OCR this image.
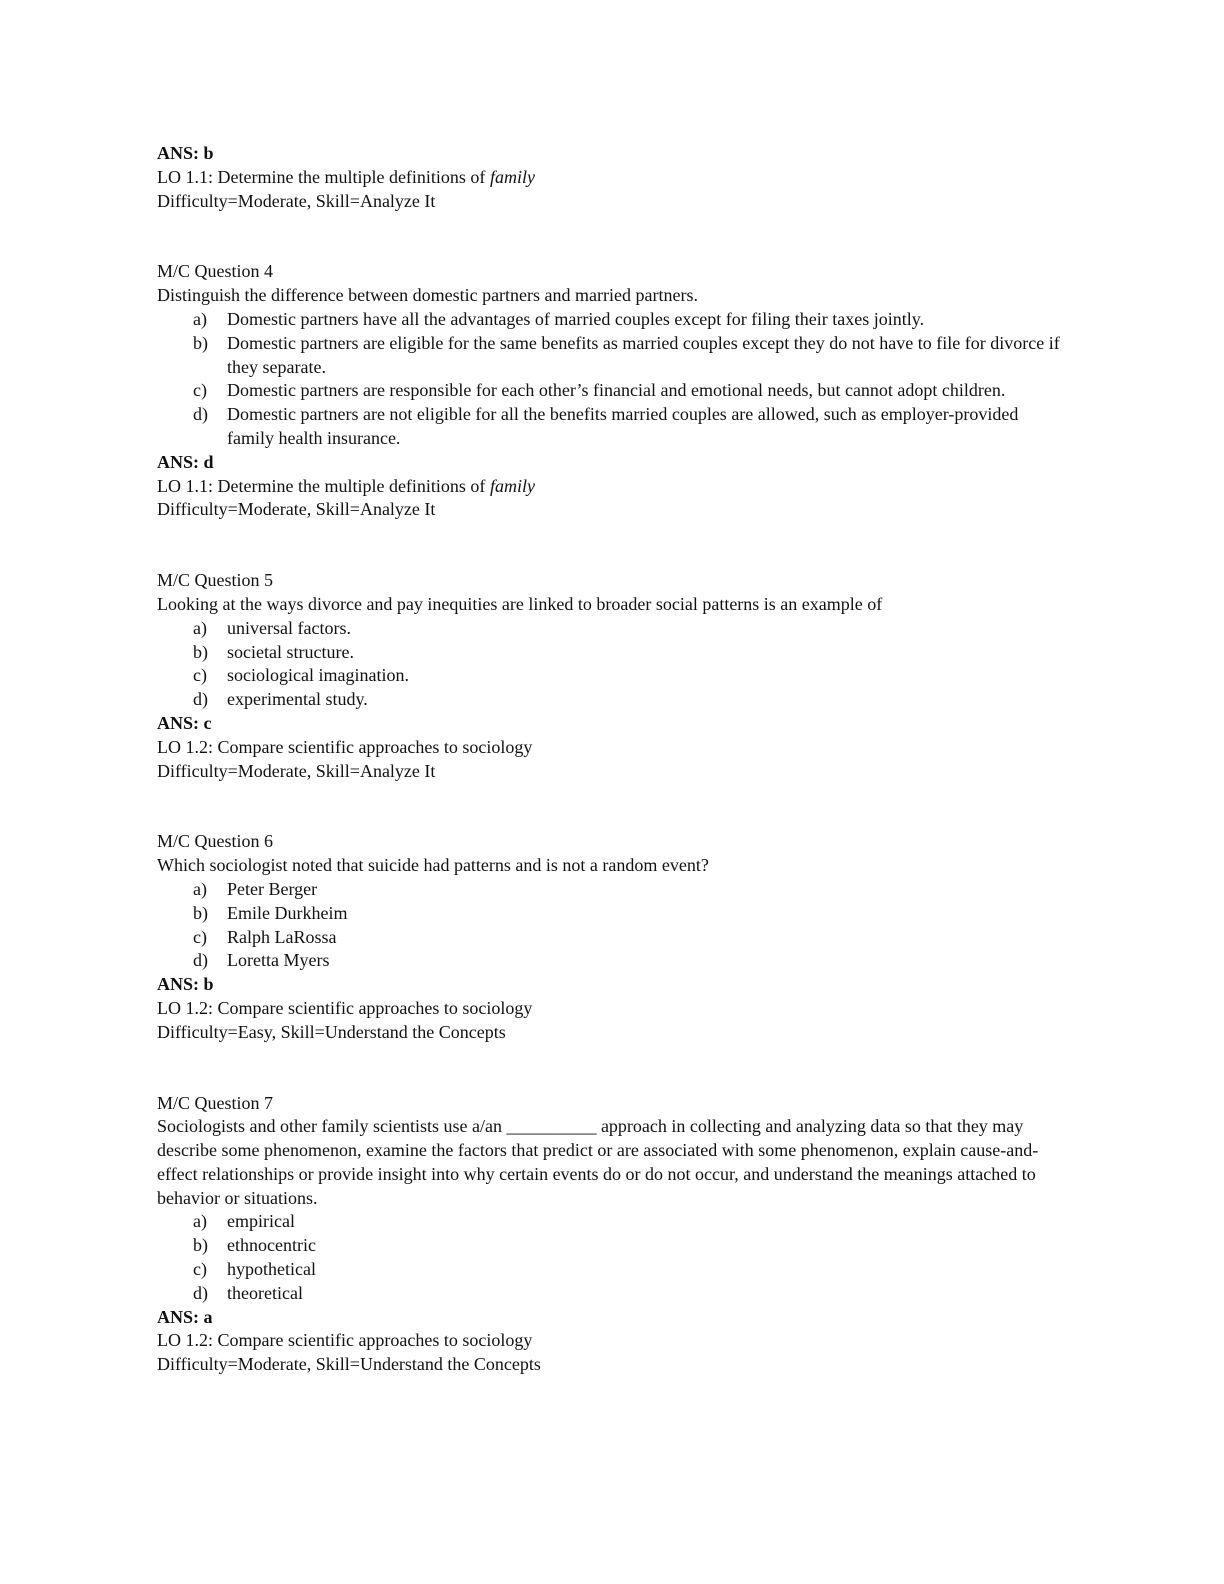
ANS: b
LO 1.1: Determine the multiple definitions of family
Difficulty=Moderate, Skill=Analyze It
M/C Question 4
Distinguish the difference between domestic partners and married partners.
a) Domestic partners have all the advantages of married couples except for filing their taxes jointly.
b) Domestic partners are eligible for the same benefits as married couples except they do not have to file for divorce if they separate.
c) Domestic partners are responsible for each other’s financial and emotional needs, but cannot adopt children.
d) Domestic partners are not eligible for all the benefits married couples are allowed, such as employer-provided family health insurance.
ANS: d
LO 1.1: Determine the multiple definitions of family
Difficulty=Moderate, Skill=Analyze It
M/C Question 5
Looking at the ways divorce and pay inequities are linked to broader social patterns is an example of
a) universal factors.
b) societal structure.
c) sociological imagination.
d) experimental study.
ANS: c
LO 1.2: Compare scientific approaches to sociology
Difficulty=Moderate, Skill=Analyze It
M/C Question 6
Which sociologist noted that suicide had patterns and is not a random event?
a) Peter Berger
b) Emile Durkheim
c) Ralph LaRossa
d) Loretta Myers
ANS: b
LO 1.2: Compare scientific approaches to sociology
Difficulty=Easy, Skill=Understand the Concepts
M/C Question 7
Sociologists and other family scientists use a/an __________ approach in collecting and analyzing data so that they may describe some phenomenon, examine the factors that predict or are associated with some phenomenon, explain cause-and-effect relationships or provide insight into why certain events do or do not occur, and understand the meanings attached to behavior or situations.
a) empirical
b) ethnocentric
c) hypothetical
d) theoretical
ANS: a
LO 1.2: Compare scientific approaches to sociology
Difficulty=Moderate, Skill=Understand the Concepts
